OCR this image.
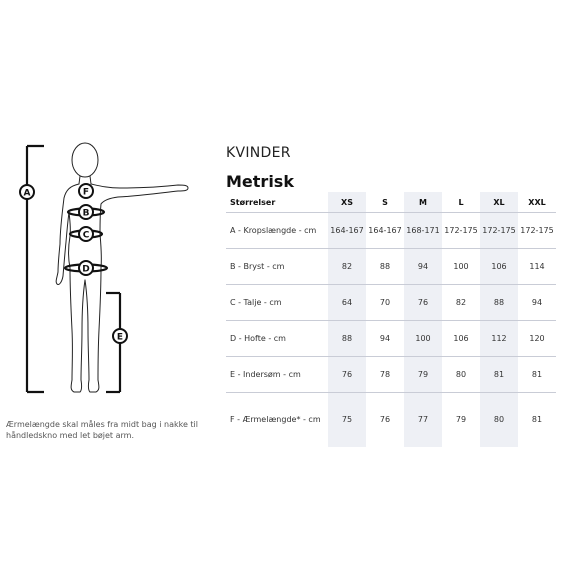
A
B
C
D
E
F
Ærmelængde skal måles fra midt bag i nakke til håndledskno med let bøjet arm.
KVINDER
Metrisk
Størrelser	XS	S	M	L	XL	XXL
A - Kropslængde - cm	164-167	164-167	168-171	172-175	172-175	172-175
B - Bryst - cm	82	88	94	100	106	114
C - Talje - cm	64	70	76	82	88	94
D - Hofte - cm	88	94	100	106	112	120
E - Indersøm - cm	76	78	79	80	81	81
F - Ærmelængde* - cm	75	76	77	79	80	81
